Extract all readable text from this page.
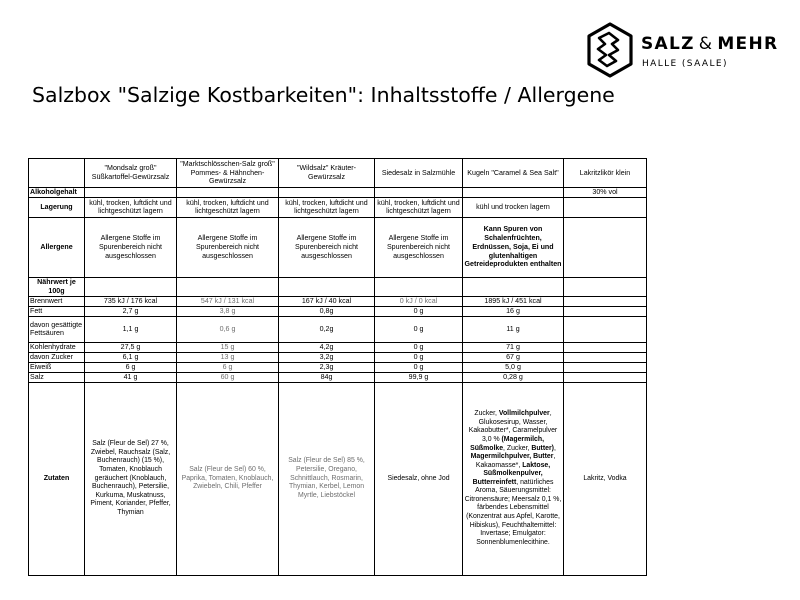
SALZ & MEHR
HALLE (SAALE)
Salzbox "Salzige Kostbarkeiten": Inhaltsstoffe / Allergene
	"Mondsalz groß" Süßkartoffel-Gewürzsalz	"Marktschlösschen-Salz groß" Pommes- & Hähnchen-Gewürzsalz	"Wildsalz" Kräuter-Gewürzsalz	Siedesalz in Salzmühle	Kugeln "Caramel & Sea Salt"	Lakritzlikör klein
Alkoholgehalt						30% vol
Lagerung	kühl, trocken, luftdicht und lichtgeschützt lagern	kühl, trocken, luftdicht und lichtgeschützt lagern	kühl, trocken, luftdicht und lichtgeschützt lagern	kühl, trocken, luftdicht und lichtgeschützt lagern	kühl und trocken lagern	
Allergene	Allergene Stoffe im Spurenbereich nicht ausgeschlossen	Allergene Stoffe im Spurenbereich nicht ausgeschlossen	Allergene Stoffe im Spurenbereich nicht ausgeschlossen	Allergene Stoffe im Spurenbereich nicht ausgeschlossen	Kann Spuren von Schalenfrüchten, Erdnüssen, Soja, Ei und glutenhaltigen Getreideprodukten enthalten	
Nährwert je 100g						
Brennwert	735 kJ / 176 kcal	547 kJ / 131 kcal	167 kJ / 40 kcal	0 kJ / 0 kcal	1895 kJ / 451 kcal	
Fett	2,7 g	3,8 g	0,8g	0 g	16 g	
davon gesättigte Fettsäuren	1,1 g	0,6 g	0,2g	0 g	11 g	
Kohlenhydrate	27,5 g	15 g	4,2g	0 g	71 g	
davon Zucker	6,1 g	13 g	3,2g	0 g	67 g	
Eiweiß	6 g	6 g	2,3g	0 g	5,0 g	
Salz	41 g	60 g	84g	99,9 g	0,28 g	
Zutaten	Salz (Fleur de Sel) 27 %, Zwiebel, Rauchsalz (Salz, Buchenrauch) (15 %), Tomaten, Knoblauch geräuchert (Knoblauch, Buchenrauch), Petersilie, Kurkuma, Muskatnuss, Piment, Koriander, Pfeffer, Thymian	Salz (Fleur de Sel) 60 %, Paprika, Tomaten, Knoblauch, Zwiebeln, Chili, Pfeffer	Salz (Fleur de Sel) 85 %, Petersilie, Oregano, Schnittlauch, Rosmarin, Thymian, Kerbel, Lemon Myrtle, Liebstöckel	Siedesalz, ohne Jod	Zucker, Vollmilchpulver, Glukosesirup, Wasser, Kakaobutter*, Caramelpulver 3,0 % (Magermilch, Süßmolke, Zucker, Butter), Magermilchpulver, Butter, Kakaomasse*, Laktose, Süßmolkenpulver, Butterreinfett, natürliches Aroma, Säuerungsmittel: Citronensäure; Meersalz 0,1 %, färbendes Lebensmittel (Konzentrat aus Apfel, Karotte, Hibiskus), Feuchthaltemittel: Invertase; Emulgator: Sonnenblumenlecithine.	Lakritz, Vodka
